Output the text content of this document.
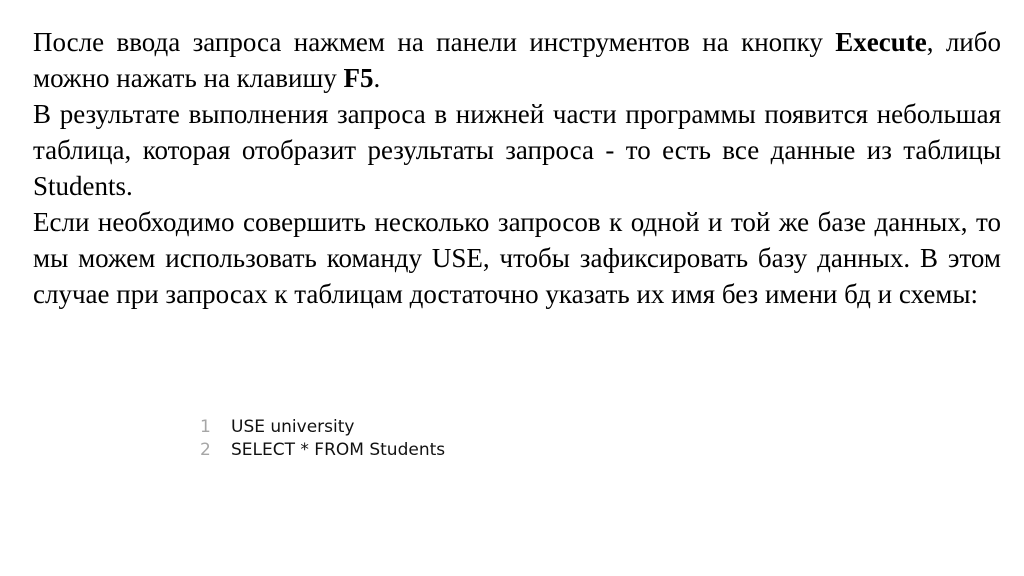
После ввода запроса нажмем на панели инструментов на кнопку Execute, либо можно нажать на клавишу F5.

В результате выполнения запроса в нижней части программы появится небольшая таблица, которая отобразит результаты запроса - то есть все данные из таблицы Students.

Если необходимо совершить несколько запросов к одной и той же базе данных, то мы можем использовать команду USE, чтобы зафиксировать базу данных. В этом случае при запросах к таблицам достаточно указать их имя без имени бд и схемы:

1	USE university
2	SELECT * FROM Students
